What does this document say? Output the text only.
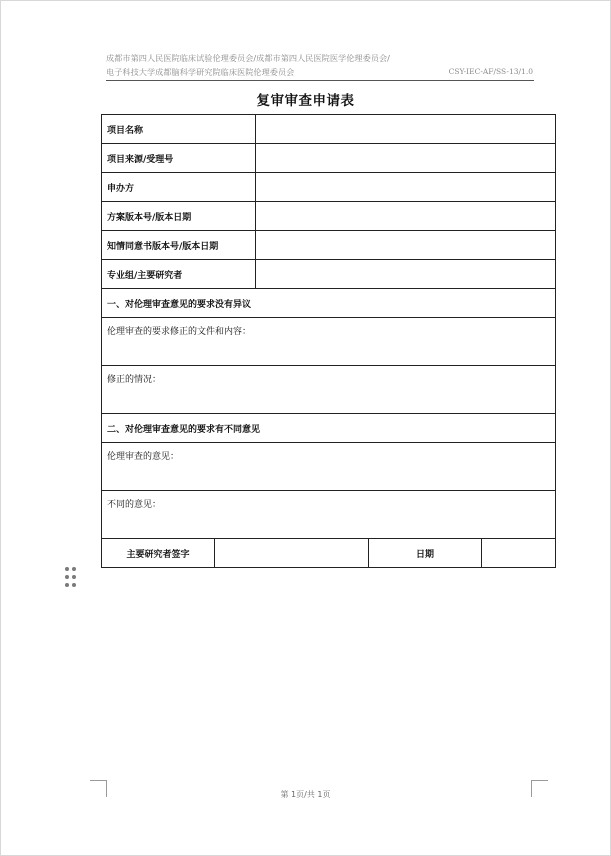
成都市第四人民医院临床试验伦理委员会/成都市第四人民医院医学伦理委员会/
电子科技大学成都脑科学研究院临床医院伦理委员会	CSY-IEC-AF/SS-13/1.0
复审审查申请表
项目名称				
项目来源/受理号				
申办方				
方案版本号/版本日期				
知情同意书版本号/版本日期				
专业组/主要研究者				
一、对伦理审查意见的要求没有异议				
伦理审查的要求修正的文件和内容：				
修正的情况：				
二、对伦理审查意见的要求有不同意见				
伦理审查的意见：				
不同的意见：				
主要研究者签字			日期	
第 1页/共 1页
